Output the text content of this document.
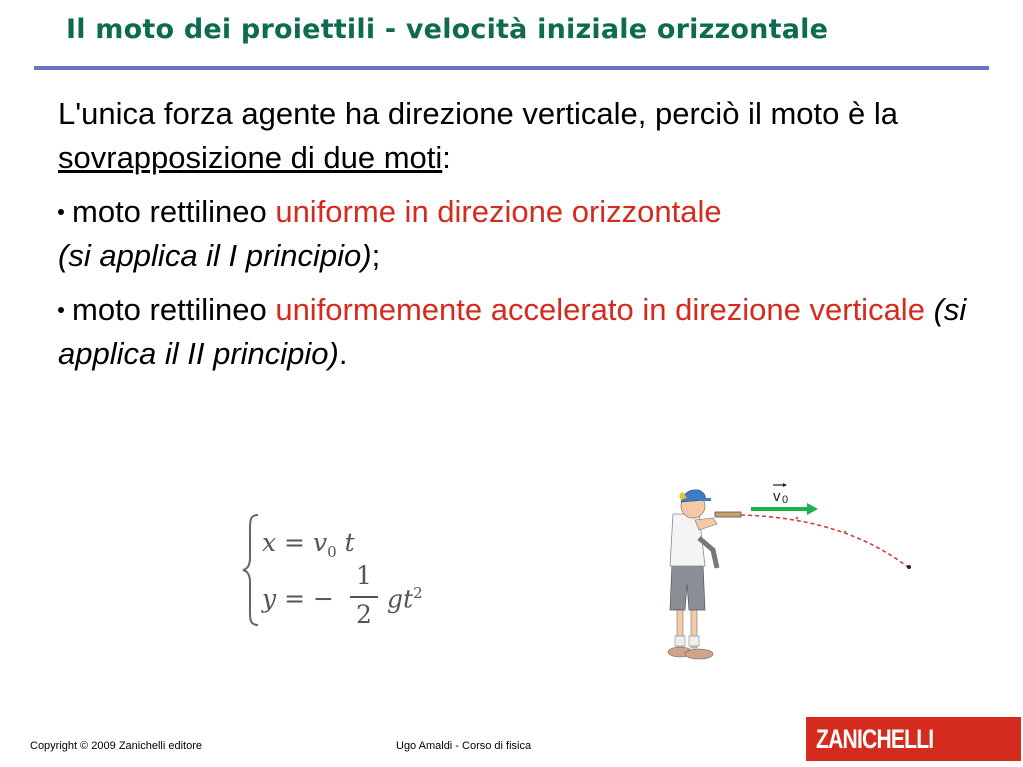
Il moto dei proiettili - velocità iniziale orizzontale

L'unica forza agente ha direzione verticale, perciò il moto è la sovrapposizione di due moti:

moto rettilineo uniforme in direzione orizzontale
(si applica il I principio);

moto rettilineo uniformemente accelerato in direzione verticale (si applica il II principio).

$x = v_0$ t
y = −
1
2
$gt^2$
v 0
Copyright © 2009 Zanichelli editore	Ugo Amaldi - Corso di fisica	ZANICHELLI
